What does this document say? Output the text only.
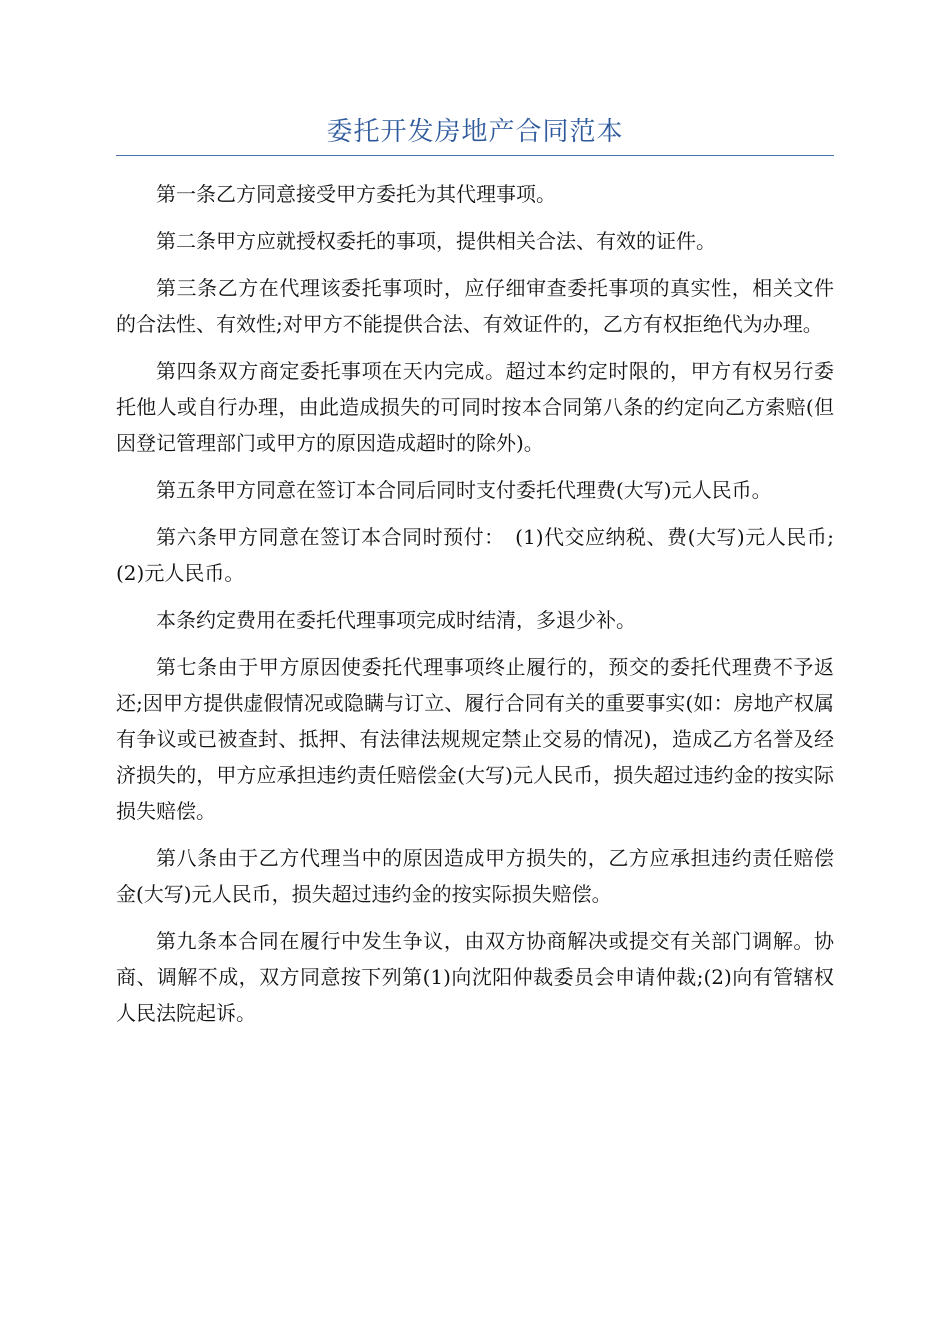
委托开发房地产合同范本

第一条乙方同意接受甲方委托为其代理事项。

第二条甲方应就授权委托的事项，提供相关合法、有效的证件。

第三条乙方在代理该委托事项时，应仔细审查委托事项的真实性，相关文件的合法性、有效性;对甲方不能提供合法、有效证件的，乙方有权拒绝代为办理。

第四条双方商定委托事项在天内完成。超过本约定时限的，甲方有权另行委托他人或自行办理，由此造成损失的可同时按本合同第八条的约定向乙方索赔(但因登记管理部门或甲方的原因造成超时的除外)。

第五条甲方同意在签订本合同后同时支付委托代理费(大写)元人民币。

第六条甲方同意在签订本合同时预付：　(1)代交应纳税、费(大写)元人民币;(2)元人民币。

本条约定费用在委托代理事项完成时结清，多退少补。

第七条由于甲方原因使委托代理事项终止履行的，预交的委托代理费不予返还;因甲方提供虚假情况或隐瞒与订立、履行合同有关的重要事实(如：房地产权属有争议或已被查封、抵押、有法律法规规定禁止交易的情况)，造成乙方名誉及经济损失的，甲方应承担违约责任赔偿金(大写)元人民币，损失超过违约金的按实际损失赔偿。

第八条由于乙方代理当中的原因造成甲方损失的，乙方应承担违约责任赔偿金(大写)元人民币，损失超过违约金的按实际损失赔偿。

第九条本合同在履行中发生争议，由双方协商解决或提交有关部门调解。协商、调解不成，双方同意按下列第(1)向沈阳仲裁委员会申请仲裁;(2)向有管辖权人民法院起诉。
